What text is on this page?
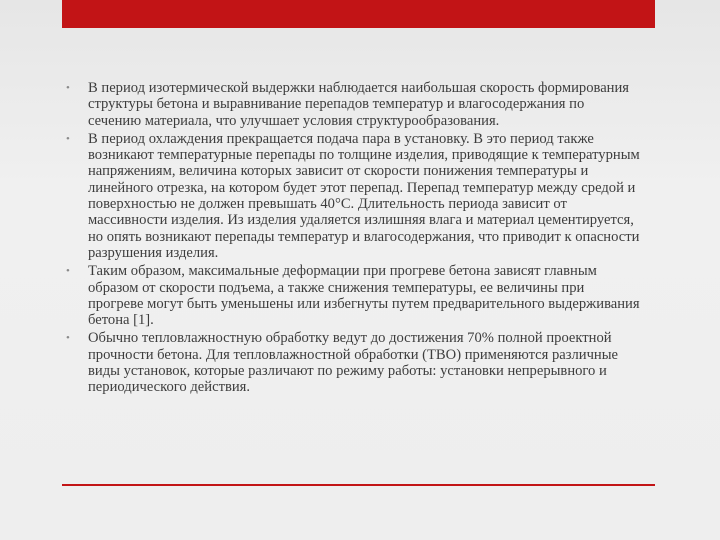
• В период изотермической выдержки наблюдается наибольшая скорость формирования структуры бетона и выравнивание перепадов температур и влагосодержания по сечению материала, что улучшает условия структурообразования.
• В период охлаждения прекращается подача пара в установку. В это период также возникают температурные перепады по толщине изделия, приводящие к температурным напряжениям, величина которых зависит от скорости понижения температуры и линейного отрезка, на котором будет этот перепад. Перепад температур между средой и поверхностью не должен превышать 40°С. Длительность периода зависит от массивности изделия. Из изделия удаляется излишняя влага и материал цементируется, но опять возникают перепады температур и влагосодержания, что приводит к опасности разрушения изделия.
• Таким образом, максимальные деформации при прогреве бетона зависят главным образом от скорости подъема, а также снижения температуры, ее величины при прогреве могут быть уменьшены или избегнуты путем предварительного выдерживания бетона [1].
• Обычно тепловлажностную обработку ведут до достижения 70% полной проектной прочности бетона. Для тепловлажностной обработки (ТВО) применяются различные виды установок, которые различают по режиму работы: установки непрерывного и периодического действия.
